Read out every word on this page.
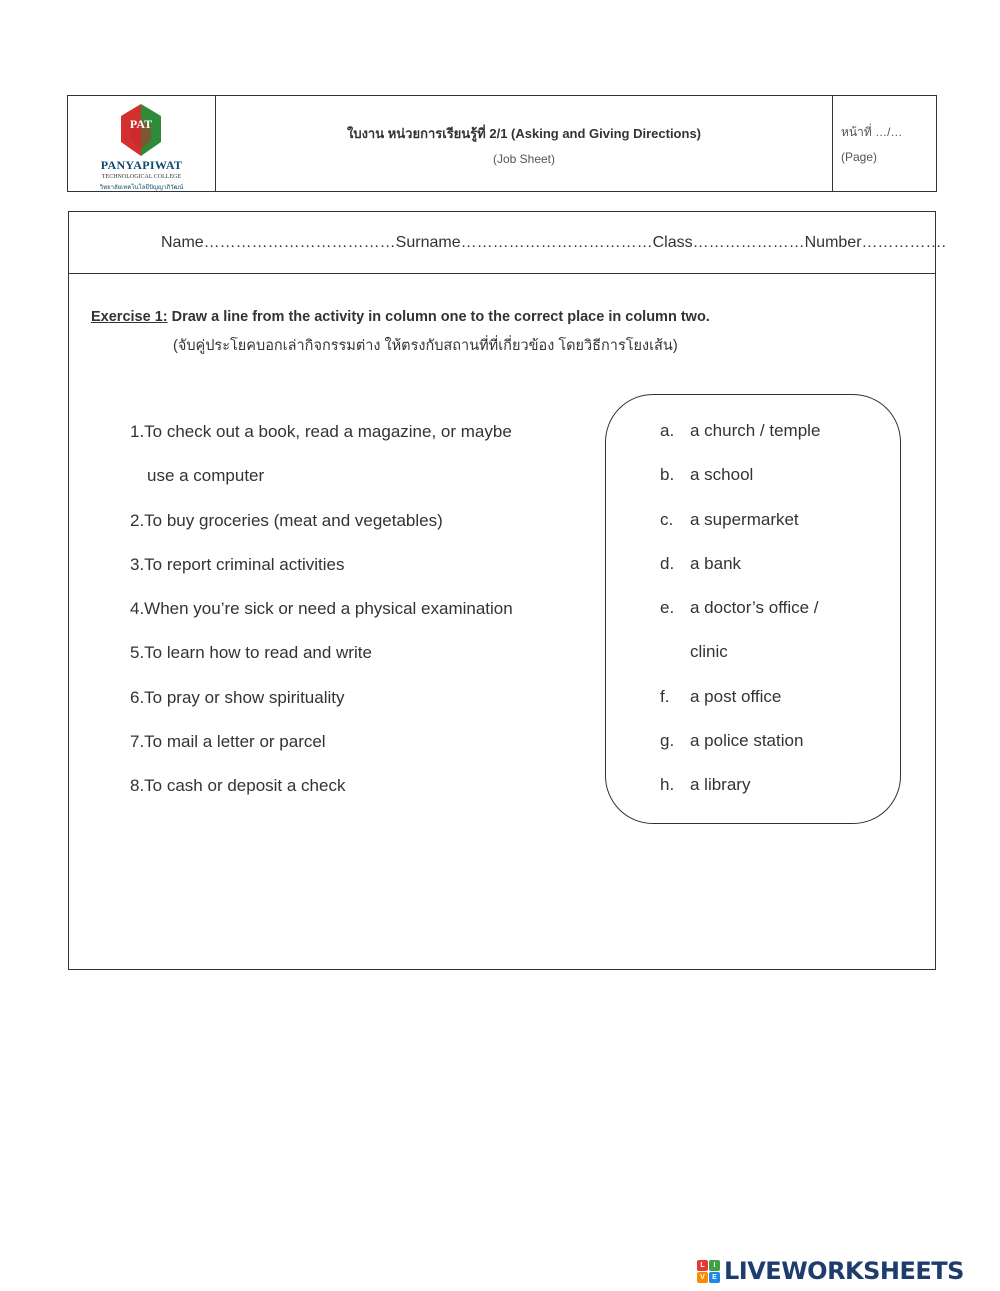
PAT
PANYAPIWAT
TECHNOLOGICAL COLLEGE
วิทยาลัยเทคโนโลยีปัญญาภิวัฒน์
ใบงาน หน่วยการเรียนรู้ที่ 2/1 (Asking and Giving Directions)
(Job Sheet)
หน้าที่ …/…
(Page)
Name………………………………Surname………………………………Class…………………Number…………….
Exercise 1: Draw a line from the activity in column one to the correct place in column two.
(จับคู่ประโยคบอกเล่ากิจกรรมต่าง ให้ตรงกับสถานที่ที่เกี่ยวข้อง โดยวิธีการโยงเส้น)
1.To check out a book, read a magazine, or maybe
use a computer
2.To buy groceries (meat and vegetables)
3.To report criminal activities
4.When you’re sick or need a physical examination
5.To learn how to read and write
6.To pray or show spirituality
7.To mail a letter or parcel
8.To cash or deposit a check
a. a church / temple
b. a school
c. a supermarket
d. a bank
e. a doctor’s office /
clinic
f. a post office
g. a police station
h. a library
L	I
V	E LIVEWORKSHEETS
